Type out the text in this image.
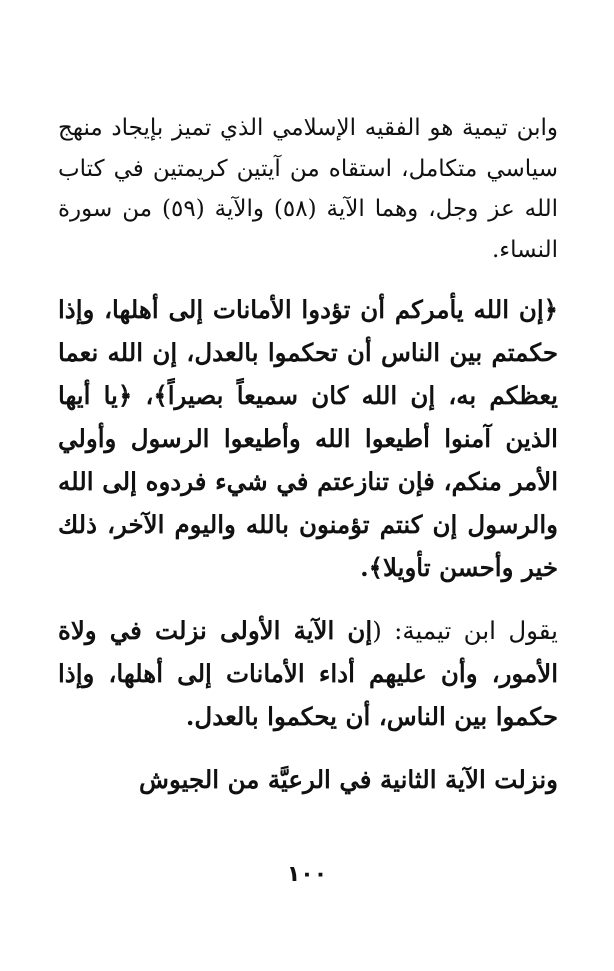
وابن تيمية هو الفقيه الإسلامي الذي تميز بإيجاد منهج سياسي متكامل، استقاه من آيتين كريمتين في كتاب الله عز وجل، وهما الآية (٥٨) والآية (٥٩) من سورة النساء.

﴿إن الله يأمركم أن تؤدوا الأمانات إلى أهلها، وإذا حكمتم بين الناس أن تحكموا بالعدل، إن الله نعما يعظكم به، إن الله كان سميعاً بصيراً﴾، ﴿يا أيها الذين آمنوا أطيعوا الله وأطيعوا الرسول وأولي الأمر منكم، فإن تنازعتم في شيء فردوه إلى الله والرسول إن كنتم تؤمنون بالله واليوم الآخر، ذلك خير وأحسن تأويلا﴾.

يقول ابن تيمية: (إن الآية الأولى نزلت في ولاة الأمور، وأن عليهم أداء الأمانات إلى أهلها، وإذا حكموا بين الناس، أن يحكموا بالعدل.

ونزلت الآية الثانية في الرعيَّة من الجيوش

١٠٠
